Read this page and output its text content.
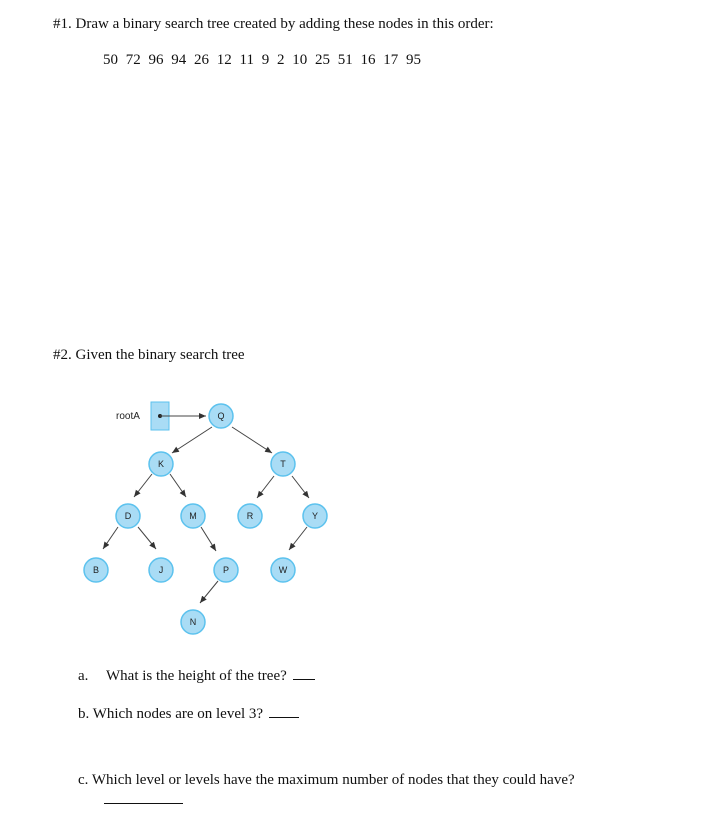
#1. Draw a binary search tree created by adding these nodes in this order:
50 72 96 94 26 12 11 9 2 10 25 51 16 17 95
#2. Given the binary search tree
rootA	Q
K	T
D	M	R	Y
B	J	P	W
N
a. What is the height of the tree?
b. Which nodes are on level 3?
c. Which level or levels have the maximum number of nodes that they could have?
